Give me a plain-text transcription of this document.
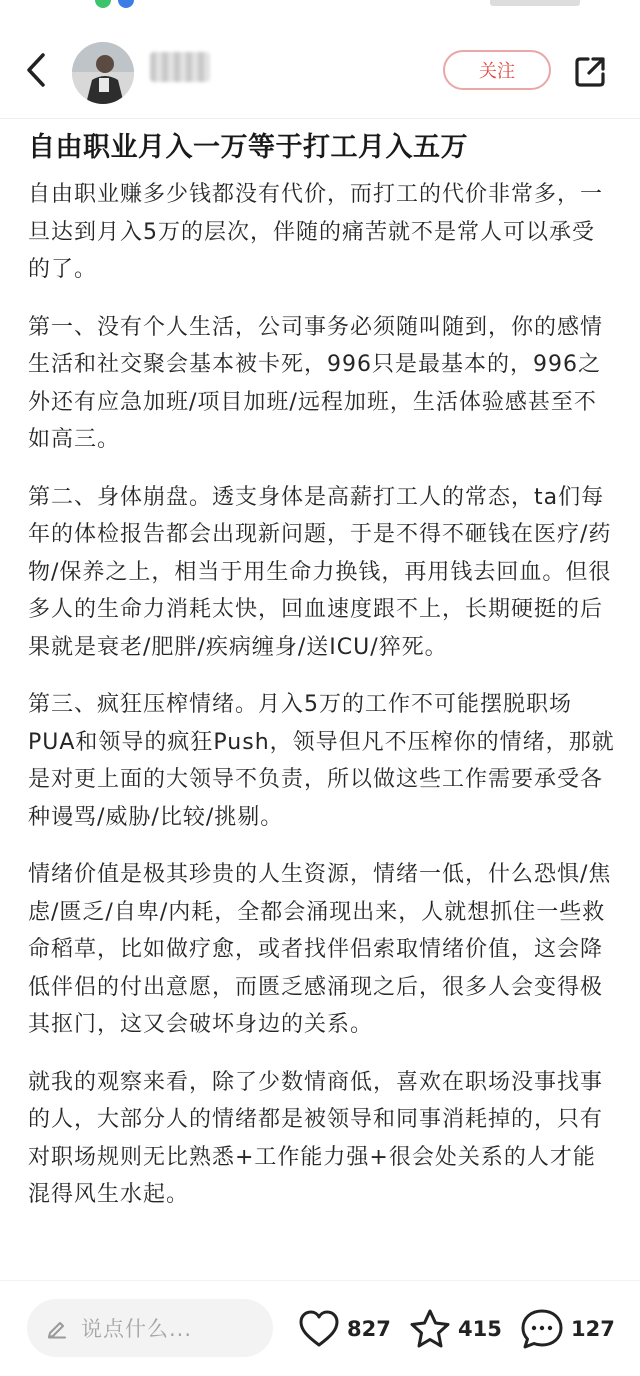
关注
自由职业月入一万等于打工月入五万

自由职业赚多少钱都没有代价，而打工的代价非常多，一旦达到月入5万的层次，伴随的痛苦就不是常人可以承受的了。

第一、没有个人生活，公司事务必须随叫随到，你的感情生活和社交聚会基本被卡死，996只是最基本的，996之外还有应急加班/项目加班/远程加班，生活体验感甚至不如高三。

第二、身体崩盘。透支身体是高薪打工人的常态，ta们每年的体检报告都会出现新问题，于是不得不砸钱在医疗/药物/保养之上，相当于用生命力换钱，再用钱去回血。但很多人的生命力消耗太快，回血速度跟不上，长期硬挺的后果就是衰老/肥胖/疾病缠身/送ICU/猝死。

第三、疯狂压榨情绪。月入5万的工作不可能摆脱职场PUA和领导的疯狂Push，领导但凡不压榨你的情绪，那就是对更上面的大领导不负责，所以做这些工作需要承受各种谩骂/威胁/比较/挑剔。

情绪价值是极其珍贵的人生资源，情绪一低，什么恐惧/焦虑/匮乏/自卑/内耗，全都会涌现出来，人就想抓住一些救命稻草，比如做疗愈，或者找伴侣索取情绪价值，这会降低伴侣的付出意愿，而匮乏感涌现之后，很多人会变得极其抠门，这又会破坏身边的关系。

就我的观察来看，除了少数情商低，喜欢在职场没事找事的人，大部分人的情绪都是被领导和同事消耗掉的，只有对职场规则无比熟悉+工作能力强+很会处关系的人才能混得风生水起。

说点什么...	827	415	127
